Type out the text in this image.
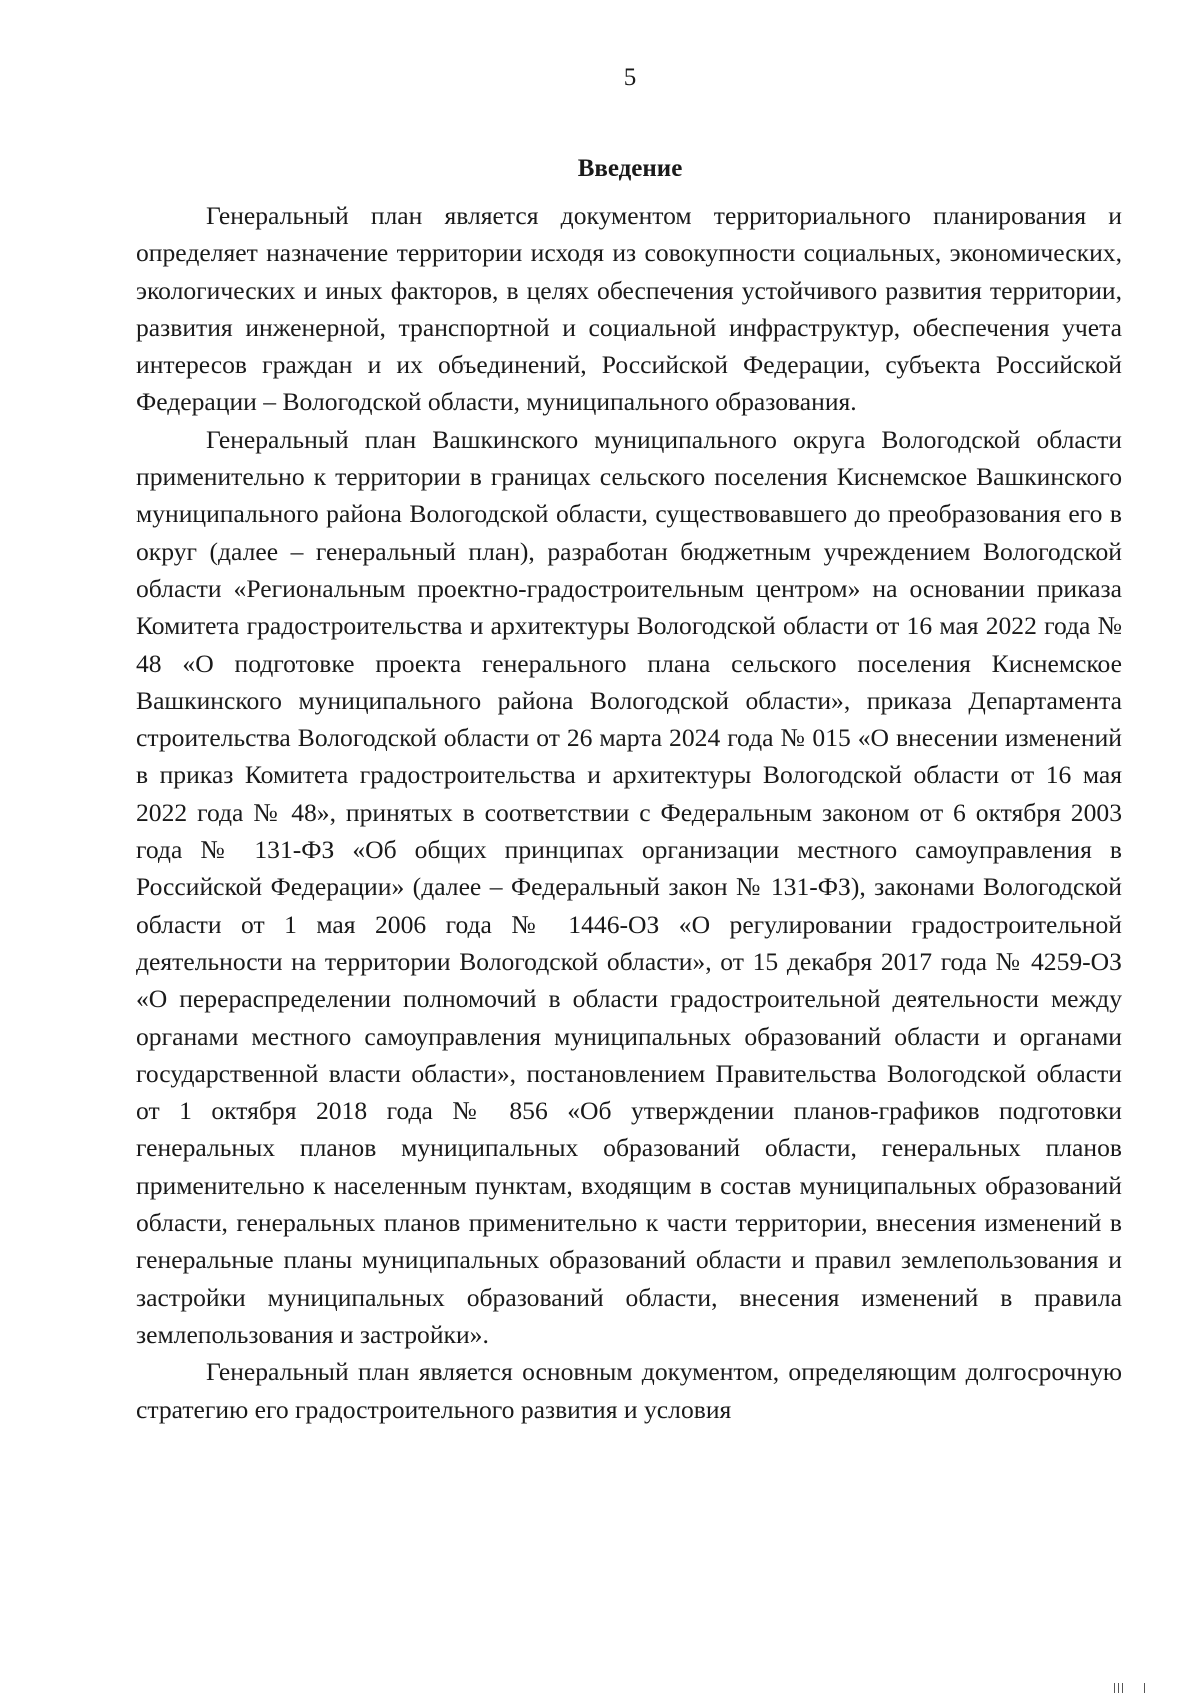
5
Введение

Генеральный план является документом территориального планирования и определяет назначение территории исходя из совокупности социальных, экономических, экологических и иных факторов, в целях обеспечения устойчивого развития территории, развития инженерной, транспортной и социальной инфраструктур, обеспечения учета интересов граждан и их объединений, Российской Федерации, субъекта Российской Федерации – Вологодской области, муниципального образования.

Генеральный план Вашкинского муниципального округа Вологодской области применительно к территории в границах сельского поселения Киснемское Вашкинского муниципального района Вологодской области, существовавшего до преобразования его в округ (далее – генеральный план), разработан бюджетным учреждением Вологодской области «Региональным проектно-градостроительным центром» на основании приказа Комитета градостроительства и архитектуры Вологодской области от 16 мая 2022 года № 48 «О подготовке проекта генерального плана сельского поселения Киснемское Вашкинского муниципального района Вологодской области», приказа Департамента строительства Вологодской области от 26 марта 2024 года № 015 «О внесении изменений в приказ Комитета градостроительства и архитектуры Вологодской области от 16 мая 2022 года № 48», принятых в соответствии с Федеральным законом от 6 октября 2003 года № 131-ФЗ «Об общих принципах организации местного самоуправления в Российской Федерации» (далее – Федеральный закон № 131-ФЗ), законами Вологодской области от 1 мая 2006 года № 1446-ОЗ «О регулировании градостроительной деятельности на территории Вологодской области», от 15 декабря 2017 года № 4259-ОЗ «О перераспределении полномочий в области градостроительной деятельности между органами местного самоуправления муниципальных образований области и органами государственной власти области», постановлением Правительства Вологодской области от 1 октября 2018 года № 856 «Об утверждении планов-графиков подготовки генеральных планов муниципальных образований области, генеральных планов применительно к населенным пунктам, входящим в состав муниципальных образований области, генеральных планов применительно к части территории, внесения изменений в генеральные планы муниципальных образований области и правил землепользования и застройки муниципальных образований области, внесения изменений в правила землепользования и застройки».

Генеральный план является основным документом, определяющим долгосрочную стратегию его градостроительного развития и условия
